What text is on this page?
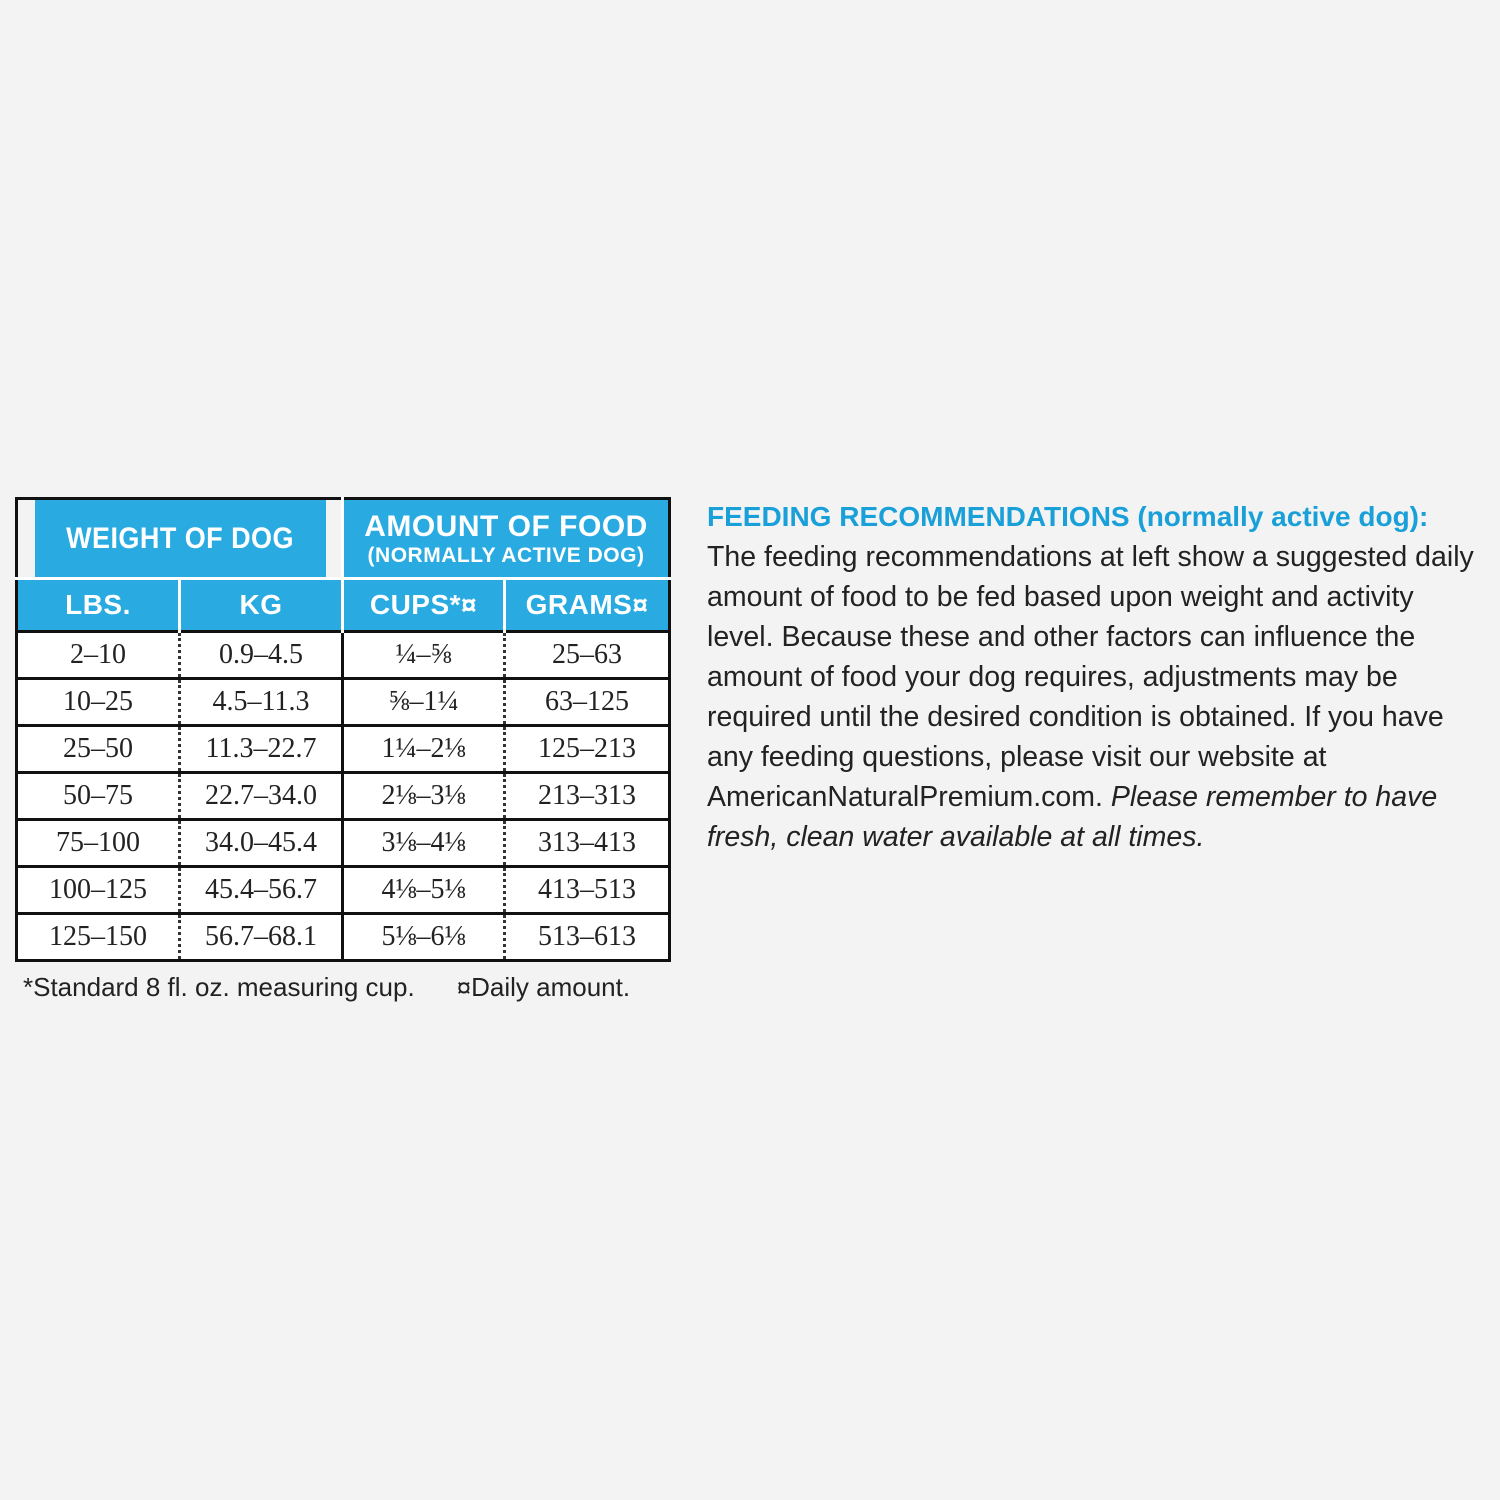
WEIGHT OF DOG		AMOUNT OF FOOD
(NORMALLY ACTIVE DOG)	

LBS.	KG	CUPS*¤	GRAMS¤
2–10	0.9–4.5	¼–⅝	25–63
10–25	4.5–11.3	⅝–1¼	63–125
25–50	11.3–22.7	1¼–2⅛	125–213
50–75	22.7–34.0	2⅛–3⅛	213–313
75–100	34.0–45.4	3⅛–4⅛	313–413
100–125	45.4–56.7	4⅛–5⅛	413–513
125–150	56.7–68.1	5⅛–6⅛	513–613
*Standard 8 fl. oz. measuring cup. ¤Daily amount.
FEEDING RECOMMENDATIONS (normally active dog):
The feeding recommendations at left show a suggested daily amount of food to be fed based upon weight and activity level. Because these and other factors can influence the amount of food your dog requires, adjustments may be required until the desired condition is obtained. If you have any feeding questions, please visit our website at AmericanNaturalPremium.com. Please remember to have fresh, clean water available at all times.
